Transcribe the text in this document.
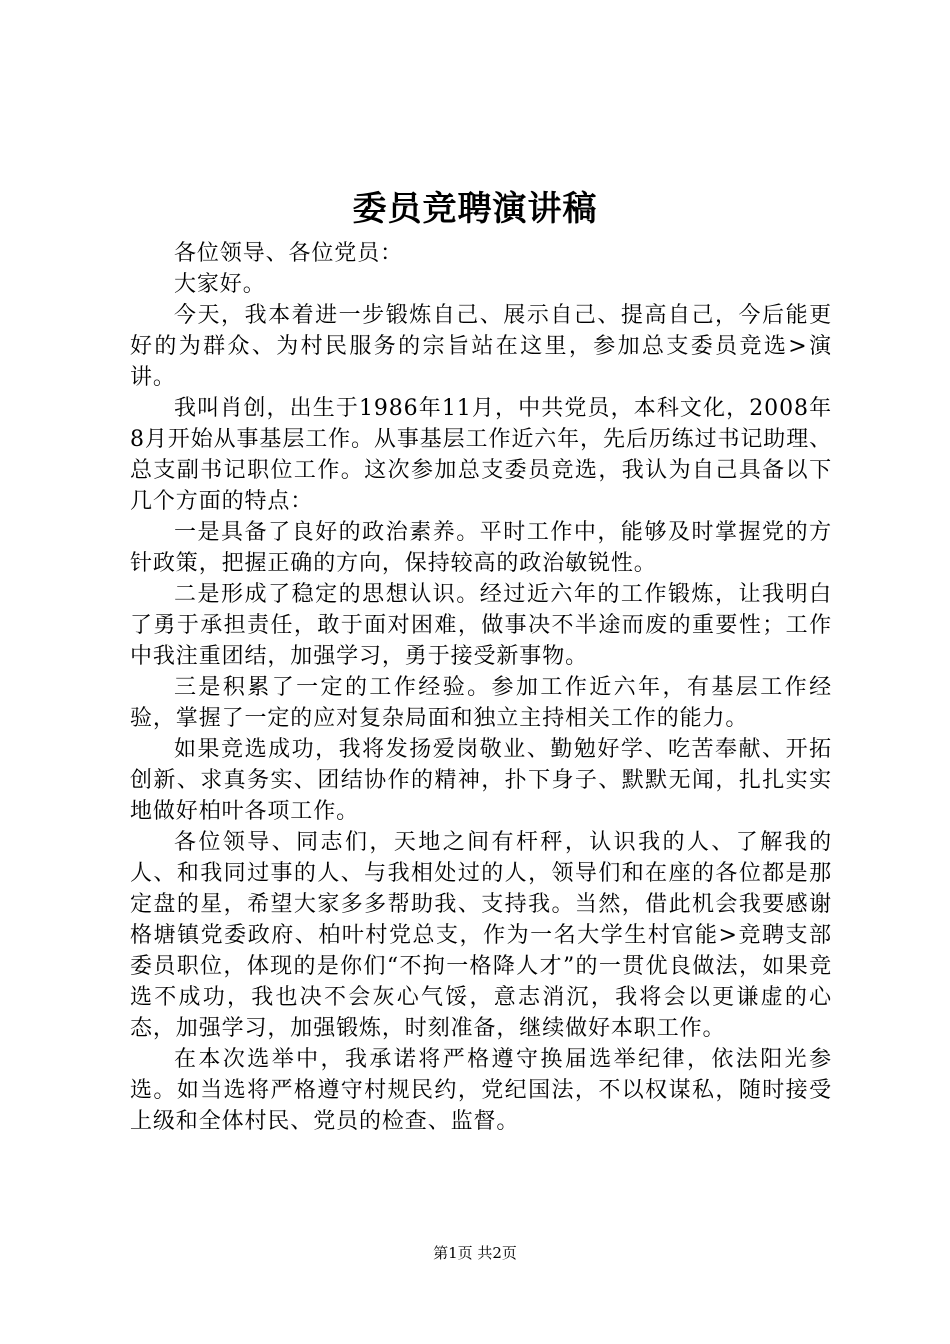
委员竞聘演讲稿

各位领导、各位党员：

大家好。

今天，我本着进一步锻炼自己、展示自己、提高自己，今后能更好的为群众、为村民服务的宗旨站在这里，参加总支委员竞选>演讲。

我叫肖创，出生于1986年11月，中共党员，本科文化，2008年8月开始从事基层工作。从事基层工作近六年，先后历练过书记助理、总支副书记职位工作。这次参加总支委员竞选，我认为自己具备以下几个方面的特点：

一是具备了良好的政治素养。平时工作中，能够及时掌握党的方针政策，把握正确的方向，保持较高的政治敏锐性。

二是形成了稳定的思想认识。经过近六年的工作锻炼，让我明白了勇于承担责任，敢于面对困难，做事决不半途而废的重要性；工作中我注重团结，加强学习，勇于接受新事物。

三是积累了一定的工作经验。参加工作近六年，有基层工作经验，掌握了一定的应对复杂局面和独立主持相关工作的能力。

如果竞选成功，我将发扬爱岗敬业、勤勉好学、吃苦奉献、开拓创新、求真务实、团结协作的精神，扑下身子、默默无闻，扎扎实实地做好柏叶各项工作。

各位领导、同志们，天地之间有杆秤，认识我的人、了解我的人、和我同过事的人、与我相处过的人，领导们和在座的各位都是那定盘的星，希望大家多多帮助我、支持我。当然，借此机会我要感谢格塘镇党委政府、柏叶村党总支，作为一名大学生村官能>竞聘支部委员职位，体现的是你们“不拘一格降人才”的一贯优良做法，如果竞选不成功，我也决不会灰心气馁，意志消沉，我将会以更谦虚的心态，加强学习，加强锻炼，时刻准备，继续做好本职工作。

在本次选举中，我承诺将严格遵守换届选举纪律，依法阳光参选。如当选将严格遵守村规民约，党纪国法，不以权谋私，随时接受上级和全体村民、党员的检查、监督。

第1页 共2页
